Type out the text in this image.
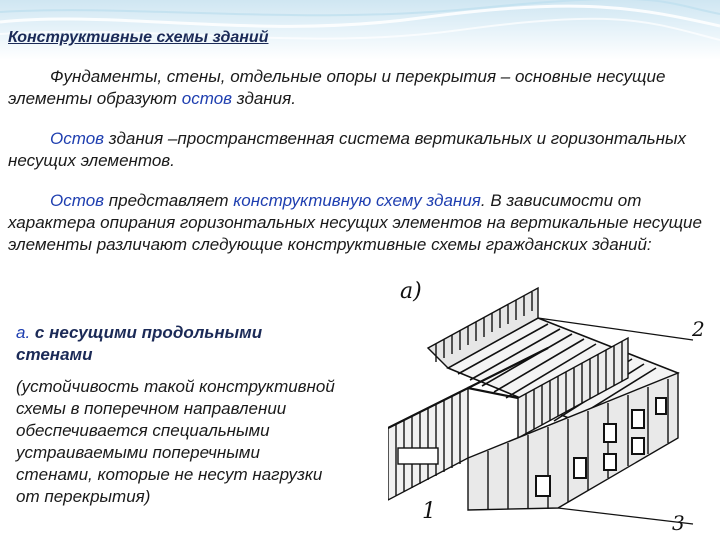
Конструктивные схемы зданий
Фундаменты, стены, отдельные опоры и перекрытия – основные несущие элементы образуют остов здания.
Остов здания –пространственная система вертикальных и горизонтальных несущих элементов.
Остов представляет конструктивную схему здания. В зависимости от характера опирания горизонтальных несущих элементов на вертикальные несущие элементы различают следующие конструктивные схемы гражданских зданий:
а. с несущими продольными стенами
(устойчивость такой конструктивной схемы в поперечном направлении обеспечивается специальными устраиваемыми поперечными стенами, которые не несут нагрузки от перекрытия)
а)
1
2
3
